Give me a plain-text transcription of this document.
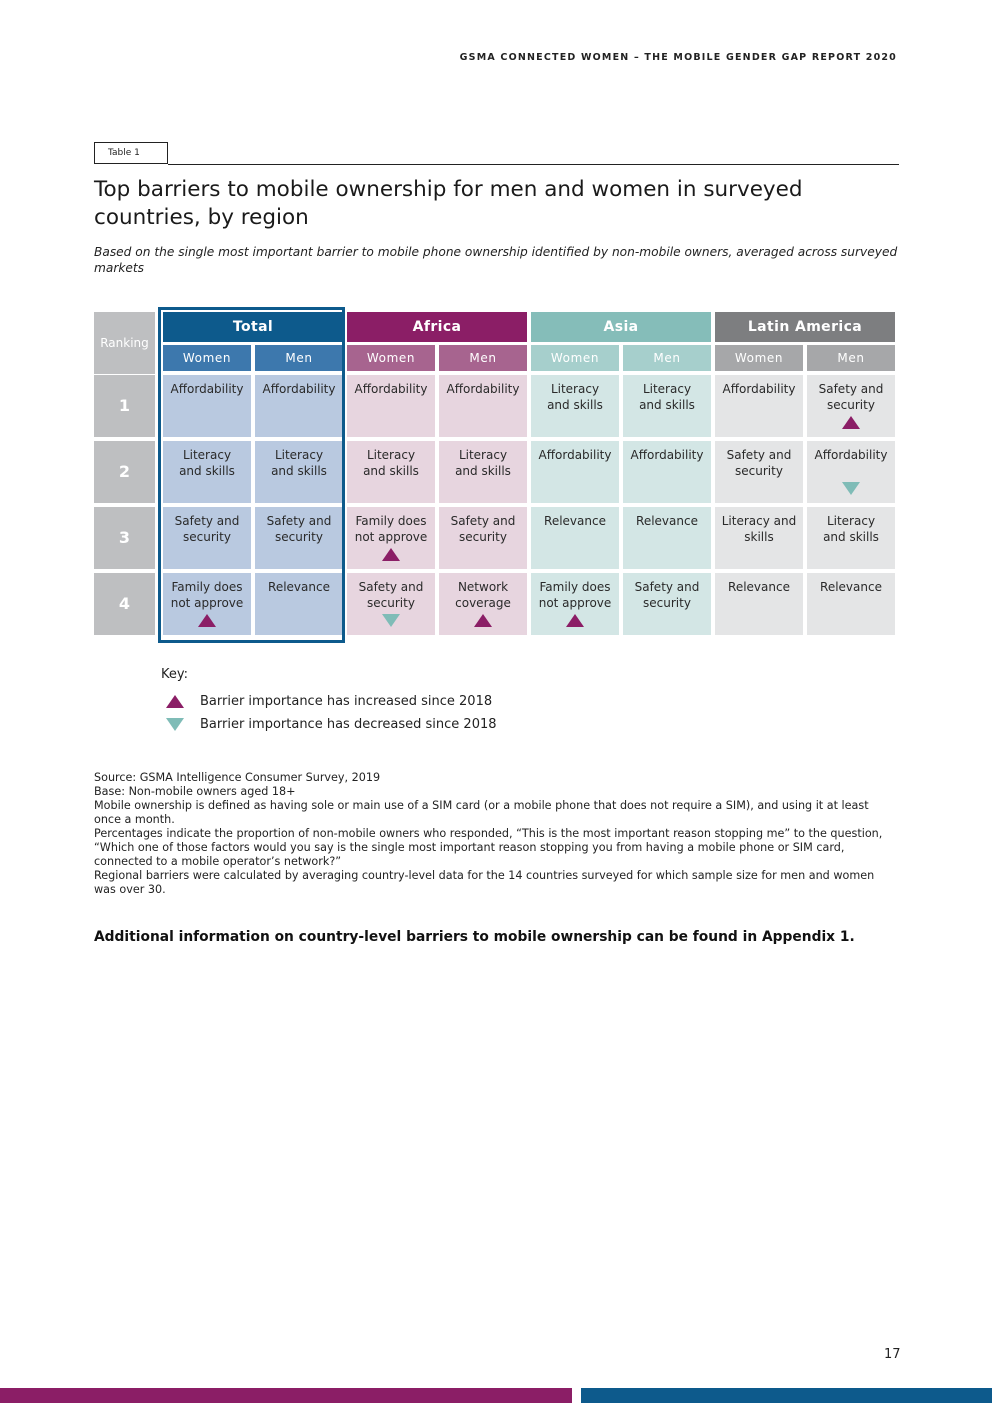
GSMA CONNECTED WOMEN – THE MOBILE GENDER GAP REPORT 2020
Table 1
Top barriers to mobile ownership for men and women in surveyed countries, by region

Based on the single most important barrier to mobile phone ownership identified by non-mobile owners, averaged across surveyed markets

Ranking
1
2
3
4
Total
Women
Affordability
Literacy
and skills
Safety and
security
Family does
not approve
Men
Affordability
Literacy
and skills
Safety and
security
Relevance
Africa
Women
Affordability
Literacy
and skills
Family does
not approve
Safety and
security
Men
Affordability
Literacy
and skills
Safety and
security
Network
coverage
Asia
Women
Literacy
and skills
Affordability
Relevance
Family does
not approve
Men
Literacy
and skills
Affordability
Relevance
Safety and
security
Latin America
Women
Affordability
Safety and
security
Literacy and
skills
Relevance
Men
Safety and
security
Affordability
Literacy
and skills
Relevance
Key:
Barrier importance has increased since 2018
Barrier importance has decreased since 2018

Source: GSMA Intelligence Consumer Survey, 2019

Base: Non-mobile owners aged 18+

Mobile ownership is defined as having sole or main use of a SIM card (or a mobile phone that does not require a SIM), and using it at least once a month.

Percentages indicate the proportion of non-mobile owners who responded, “This is the most important reason stopping me” to the question, “Which one of those factors would you say is the single most important reason stopping you from having a mobile phone or SIM card, connected to a mobile operator’s network?”

Regional barriers were calculated by averaging country-level data for the 14 countries surveyed for which sample size for men and women was over 30.

Additional information on country-level barriers to mobile ownership can be found in Appendix 1.

17
